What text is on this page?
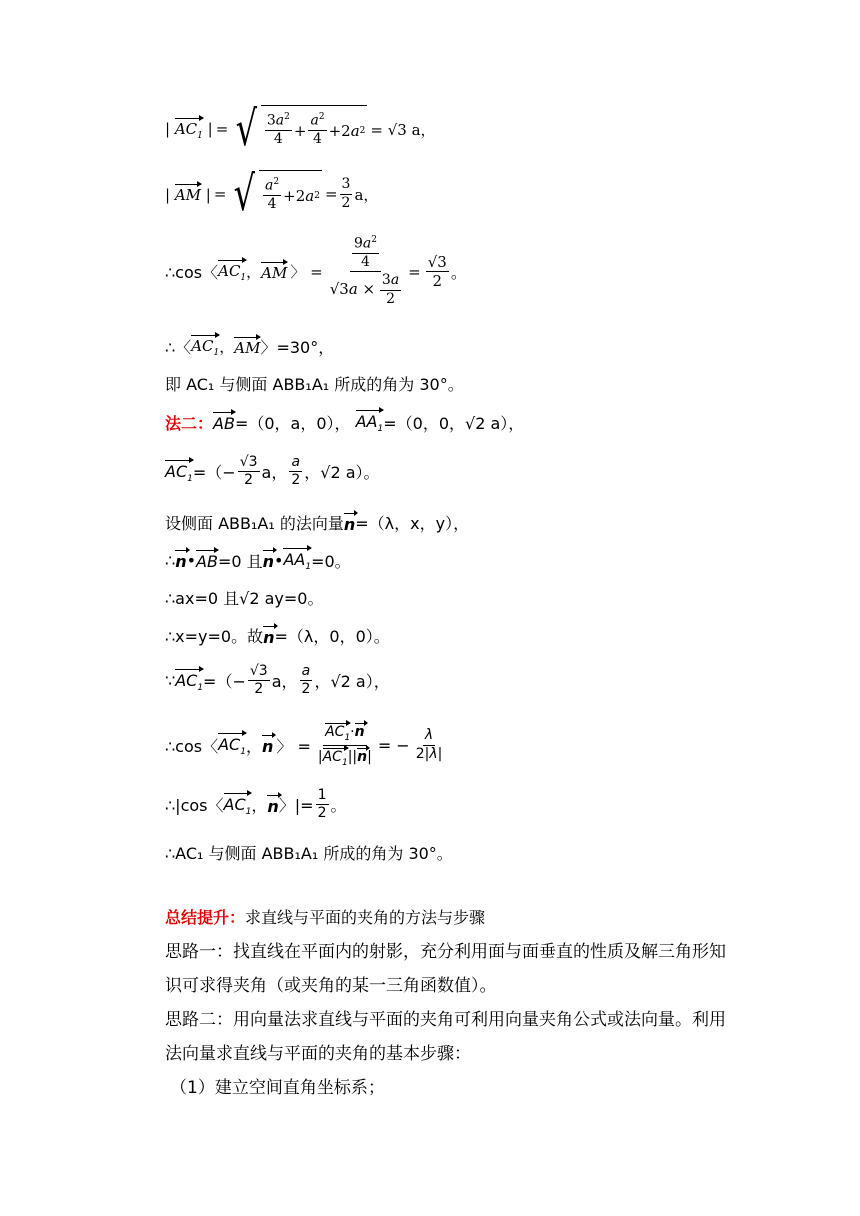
| $AC_1$ | = √ $\frac{3a^2}{4} + \frac{a^2}{4} +2$ a 2 = √3 a，
| AM | = √ $\frac{a^2}{4} +2$ a $2 = \frac{3}{2}$ a，
∴cos〈 $AC_1$ ， AM 〉 = $\frac{\frac{9a^2}{4}}{√3a \times \frac{3a}{2}} = \frac{√3}{2}$ 。
∴〈 $AC_1$ ， AM 〉=30°，
即 AC₁ 与侧面 ABB₁A₁ 所成的角为 30°。
法二： AB =（0，a，0），
$AA_1 =(0$，0，√2 a），
$AC_1$ =（− $\frac{√3}{2}$ a， $\frac{a}{2}$ ，√2 a）。
设侧面 ABB₁A₁ 的法向量 n =（λ，x，y），
∴ n • AB =0 且 n • $AA_1 =0$。
∴ax=0 且√2 ay=0。
∴x=y=0。故 n =（λ，0，0）。
∵ $AC_1$ =（− $\frac{√3}{2}$ a， $\frac{a}{2}$ ，√2 a），
∴cos〈 $AC_1$ ， n 〉 = $\frac{AC_1\cdot n}{|AC_1||n|}$ = − $\frac{\lambda}{2|\lambda|}$
∴|cos〈 $AC_1$ ， n 〉|= $\frac{1}{2}$ 。
∴AC₁ 与侧面 ABB₁A₁ 所成的角为 30°。
总结提升： 求直线与平面的夹角的方法与步骤
思路一：找直线在平面内的射影，充分利用面与面垂直的性质及解三角形知识可求得夹角（或夹角的某一三角函数值）。
思路二：用向量法求直线与平面的夹角可利用向量夹角公式或法向量。利用法向量求直线与平面的夹角的基本步骤：
（1）建立空间直角坐标系；
